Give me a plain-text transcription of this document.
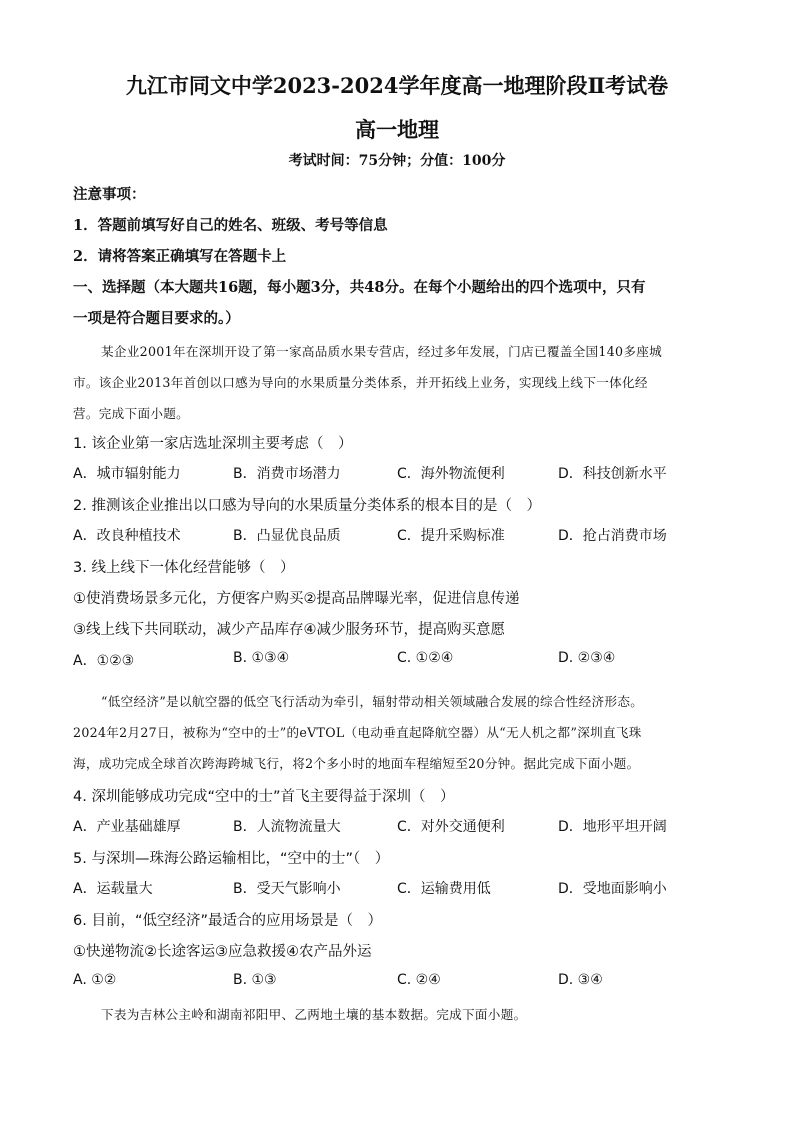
九江市同文中学2023-2024学年度高一地理阶段Ⅱ考试卷
高一地理
考试时间：75分钟；分值：100分
注意事项：
1．答题前填写好自己的姓名、班级、考号等信息
2．请将答案正确填写在答题卡上
一、选择题（本大题共16题，每小题3分，共48分。在每个小题给出的四个选项中，只有
一项是符合题目要求的。）
某企业2001年在深圳开设了第一家高品质水果专营店，经过多年发展，门店已覆盖全国140多座城
市。该企业2013年首创以口感为导向的水果质量分类体系，并开拓线上业务，实现线上线下一体化经
营。完成下面小题。
1. 该企业第一家店选址深圳主要考虑（　）
A．城市辐射能力	B．消费市场潜力	C．海外物流便利	D．科技创新水平
2. 推测该企业推出以口感为导向的水果质量分类体系的根本目的是（　）
A．改良种植技术	B．凸显优良品质	C．提升采购标准	D．抢占消费市场
3. 线上线下一体化经营能够（　）
①使消费场景多元化，方便客户购买②提高品牌曝光率，促进信息传递
③线上线下共同联动，减少产品库存④减少服务环节，提高购买意愿
A．①②③	B. ①③④	C. ①②④	D. ②③④
“低空经济”是以航空器的低空飞行活动为牵引，辐射带动相关领域融合发展的综合性经济形态。
2024年2月27日，被称为“空中的士”的eVTOL（电动垂直起降航空器）从“无人机之都”深圳直飞珠
海，成功完成全球首次跨海跨城飞行，将2个多小时的地面车程缩短至20分钟。据此完成下面小题。
4. 深圳能够成功完成“空中的士”首飞主要得益于深圳（　）
A．产业基础雄厚	B．人流物流量大	C．对外交通便利	D．地形平坦开阔
5. 与深圳—珠海公路运输相比，“空中的士”（　）
A．运载量大	B．受天气影响小	C．运输费用低	D．受地面影响小
6. 目前，“低空经济”最适合的应用场景是（　）
①快递物流②长途客运③应急救援④农产品外运
A. ①②	B. ①③	C. ②④	D. ③④
下表为吉林公主岭和湖南祁阳甲、乙两地土壤的基本数据。完成下面小题。
